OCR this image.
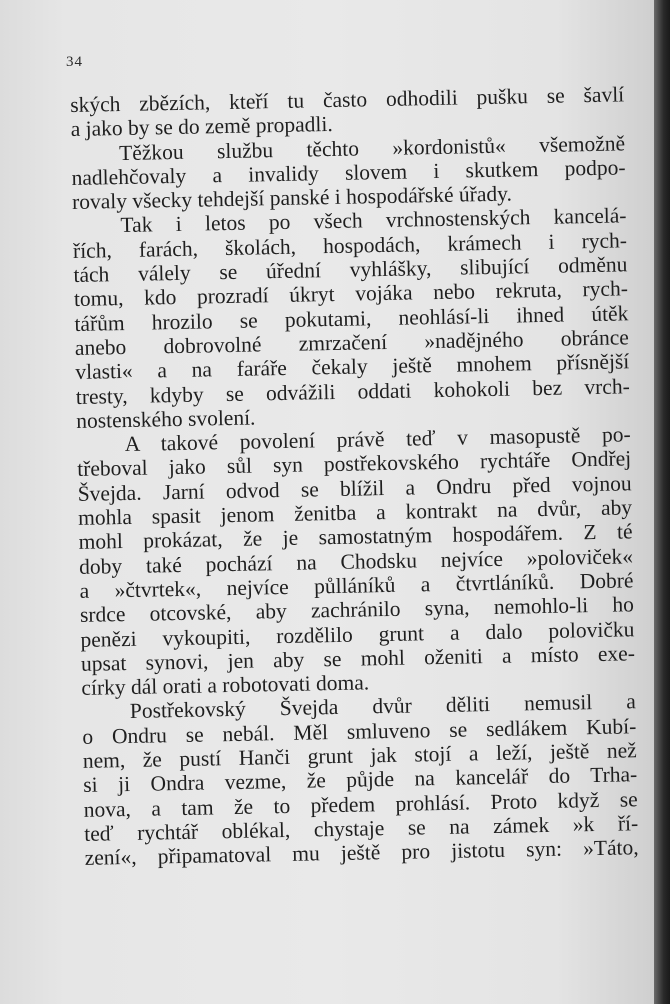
34
ských zbězích, kteří tu často odhodili pušku se šavlí
a jako by se do země propadli.
Těžkou službu těchto »kordonistů« všemožně
nadlehčovaly a invalidy slovem i skutkem podpo-
rovaly všecky tehdejší panské i hospodářské úřady.
Tak i letos po všech vrchnostenských kancelá-
řích, farách, školách, hospodách, krámech i rych-
tách válely se úřední vyhlášky, slibující odměnu
tomu, kdo prozradí úkryt vojáka nebo rekruta, rych-
tářům hrozilo se pokutami, neohlásí-li ihned útěk
anebo dobrovolné zmrzačení »nadějného obránce
vlasti« a na faráře čekaly ještě mnohem přísnější
tresty, kdyby se odvážili oddati kohokoli bez vrch-
nostenského svolení.
A takové povolení právě teď v masopustě po-
třeboval jako sůl syn postřekovského rychtáře Ondřej
Švejda. Jarní odvod se blížil a Ondru před vojnou
mohla spasit jenom ženitba a kontrakt na dvůr, aby
mohl prokázat, že je samostatným hospodářem. Z té
doby také pochází na Chodsku nejvíce »poloviček«
a »čtvrtek«, nejvíce půlláníků a čtvrtláníků. Dobré
srdce otcovské, aby zachránilo syna, nemohlo-li ho
penězi vykoupiti, rozdělilo grunt a dalo polovičku
upsat synovi, jen aby se mohl oženiti a místo exe-
círky dál orati a robotovati doma.
Postřekovský Švejda dvůr děliti nemusil a
o Ondru se nebál. Měl smluveno se sedlákem Kubí-
nem, že pustí Hanči grunt jak stojí a leží, ještě než
si ji Ondra vezme, že půjde na kancelář do Trha-
nova, a tam že to předem prohlásí. Proto když se
teď rychtář oblékal, chystaje se na zámek »k ří-
zení«, připamatoval mu ještě pro jistotu syn: »Táto,
